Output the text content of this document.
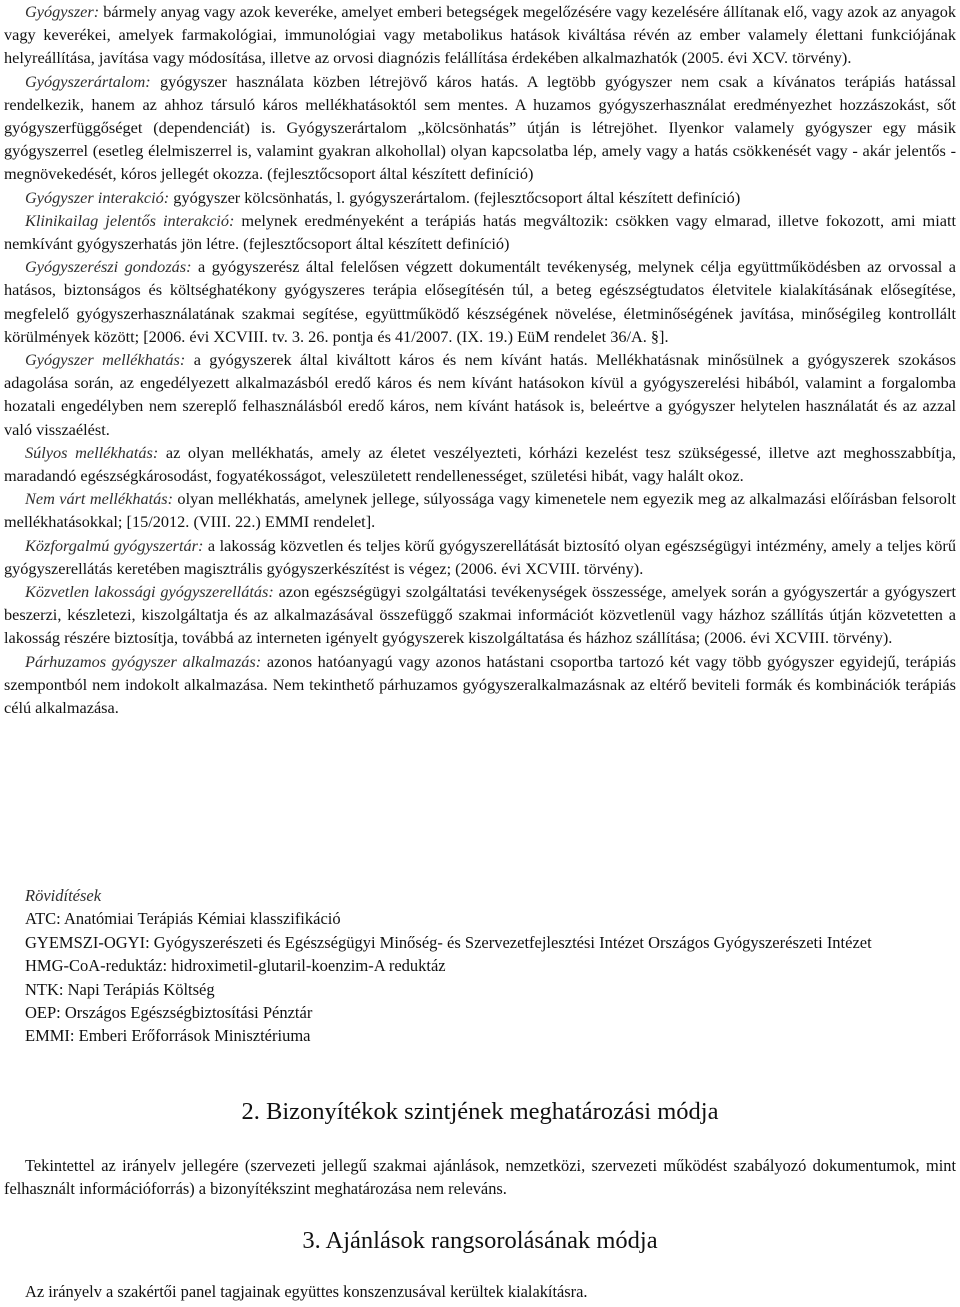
Gyógyszer: bármely anyag vagy azok keveréke, amelyet emberi betegségek megelőzésére vagy kezelésére állítanak elő, vagy azok az anyagok vagy keverékei, amelyek farmakológiai, immunológiai vagy metabolikus hatások kiváltása révén az ember valamely élettani funkciójának helyreállítása, javítása vagy módosítása, illetve az orvosi diagnózis felállítása érdekében alkalmazhatók (2005. évi XCV. törvény).

Gyógyszerártalom: gyógyszer használata közben létrejövő káros hatás. A legtöbb gyógyszer nem csak a kívánatos terápiás hatással rendelkezik, hanem az ahhoz társuló káros mellékhatásoktól sem mentes. A huzamos gyógyszerhasználat eredményezhet hozzászokást, sőt gyógyszerfüggőséget (dependenciát) is. Gyógyszerártalom „kölcsönhatás” útján is létrejöhet. Ilyenkor valamely gyógyszer egy másik gyógyszerrel (esetleg élelmiszerrel is, valamint gyakran alkohollal) olyan kapcsolatba lép, amely vagy a hatás csökkenését vagy - akár jelentős - megnövekedését, kóros jellegét okozza. (fejlesztőcsoport által készített definíció)

Gyógyszer interakció: gyógyszer kölcsönhatás, l. gyógyszerártalom. (fejlesztőcsoport által készített definíció)

Klinikailag jelentős interakció: melynek eredményeként a terápiás hatás megváltozik: csökken vagy elmarad, illetve fokozott, ami miatt nemkívánt gyógyszerhatás jön létre. (fejlesztőcsoport által készített definíció)

Gyógyszerészi gondozás: a gyógyszerész által felelősen végzett dokumentált tevékenység, melynek célja együttműködésben az orvossal a hatásos, biztonságos és költséghatékony gyógyszeres terápia elősegítésén túl, a beteg egészségtudatos életvitele kialakításának elősegítése, megfelelő gyógyszerhasználatának szakmai segítése, együttműködő készségének növelése, életminőségének javítása, minőségileg kontrollált körülmények között; [2006. évi XCVIII. tv. 3. 26. pontja és 41/2007. (IX. 19.) EüM rendelet 36/A. §].

Gyógyszer mellékhatás: a gyógyszerek által kiváltott káros és nem kívánt hatás. Mellékhatásnak minősülnek a gyógyszerek szokásos adagolása során, az engedélyezett alkalmazásból eredő káros és nem kívánt hatásokon kívül a gyógyszerelési hibából, valamint a forgalomba hozatali engedélyben nem szereplő felhasználásból eredő káros, nem kívánt hatások is, beleértve a gyógyszer helytelen használatát és az azzal való visszaélést.

Súlyos mellékhatás: az olyan mellékhatás, amely az életet veszélyezteti, kórházi kezelést tesz szükségessé, illetve azt meghosszabbítja, maradandó egészségkárosodást, fogyatékosságot, veleszületett rendellenességet, születési hibát, vagy halált okoz.

Nem várt mellékhatás: olyan mellékhatás, amelynek jellege, súlyossága vagy kimenetele nem egyezik meg az alkalmazási előírásban felsorolt mellékhatásokkal; [15/2012. (VIII. 22.) EMMI rendelet].

Közforgalmú gyógyszertár: a lakosság közvetlen és teljes körű gyógyszerellátását biztosító olyan egészségügyi intézmény, amely a teljes körű gyógyszerellátás keretében magisztrális gyógyszerkészítést is végez; (2006. évi XCVIII. törvény).

Közvetlen lakossági gyógyszerellátás: azon egészségügyi szolgáltatási tevékenységek összessége, amelyek során a gyógyszertár a gyógyszert beszerzi, készletezi, kiszolgáltatja és az alkalmazásával összefüggő szakmai információt közvetlenül vagy házhoz szállítás útján közvetetten a lakosság részére biztosítja, továbbá az interneten igényelt gyógyszerek kiszolgáltatása és házhoz szállítása; (2006. évi XCVIII. törvény).

Párhuzamos gyógyszer alkalmazás: azonos hatóanyagú vagy azonos hatástani csoportba tartozó két vagy több gyógyszer egyidejű, terápiás szempontból nem indokolt alkalmazása. Nem tekinthető párhuzamos gyógyszeralkalmazásnak az eltérő beviteli formák és kombinációk terápiás célú alkalmazása.

Rövidítések
ATC: Anatómiai Terápiás Kémiai klasszifikáció
GYEMSZI-OGYI: Gyógyszerészeti és Egészségügyi Minőség- és Szervezetfejlesztési Intézet Országos Gyógyszerészeti Intézet
HMG-CoA-reduktáz: hidroximetil-glutaril-koenzim-A reduktáz
NTK: Napi Terápiás Költség
OEP: Országos Egészségbiztosítási Pénztár
EMMI: Emberi Erőforrások Minisztériuma
2. Bizonyítékok szintjének meghatározási módja

Tekintettel az irányelv jellegére (szervezeti jellegű szakmai ajánlások, nemzetközi, szervezeti működést szabályozó dokumentumok, mint felhasznált információforrás) a bizonyítékszint meghatározása nem releváns.

3. Ajánlások rangsorolásának módja

Az irányelv a szakértői panel tagjainak együttes konszenzusával kerültek kialakításra.
